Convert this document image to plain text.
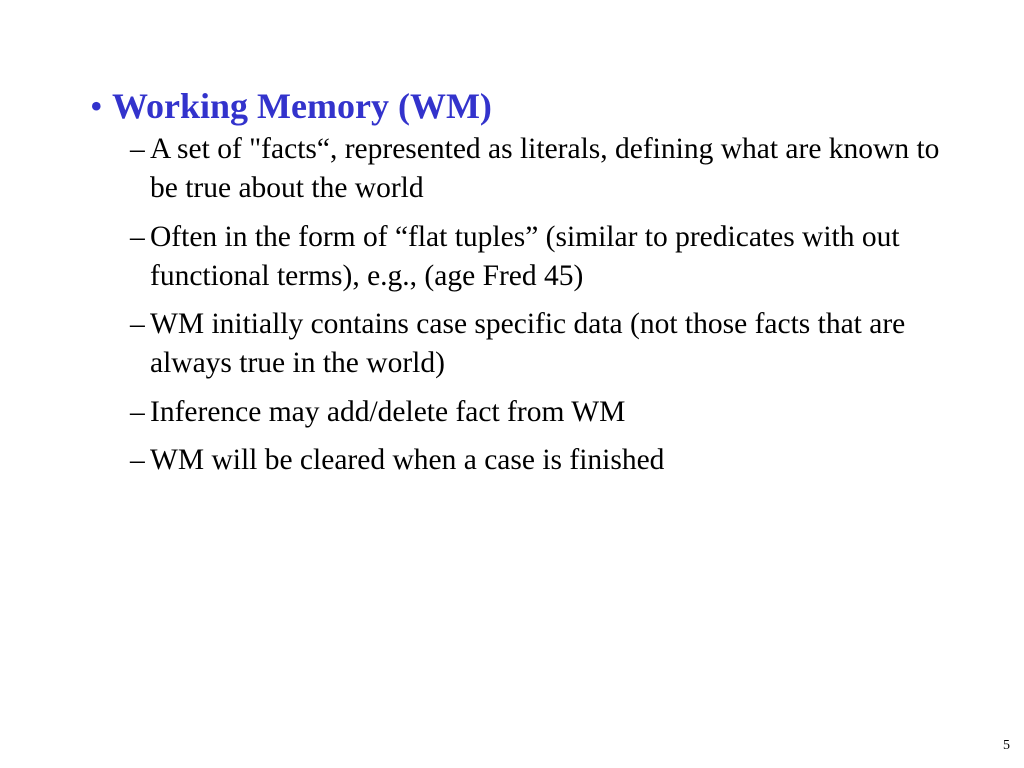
• Working Memory (WM)
– A set of "facts“, represented as literals, defining what are known to be true about the world
– Often in the form of “flat tuples” (similar to predicates with out functional terms), e.g., (age Fred 45)
– WM initially contains case specific data (not those facts that are always true in the world)
– Inference may add/delete fact from WM
– WM will be cleared when a case is finished
5
